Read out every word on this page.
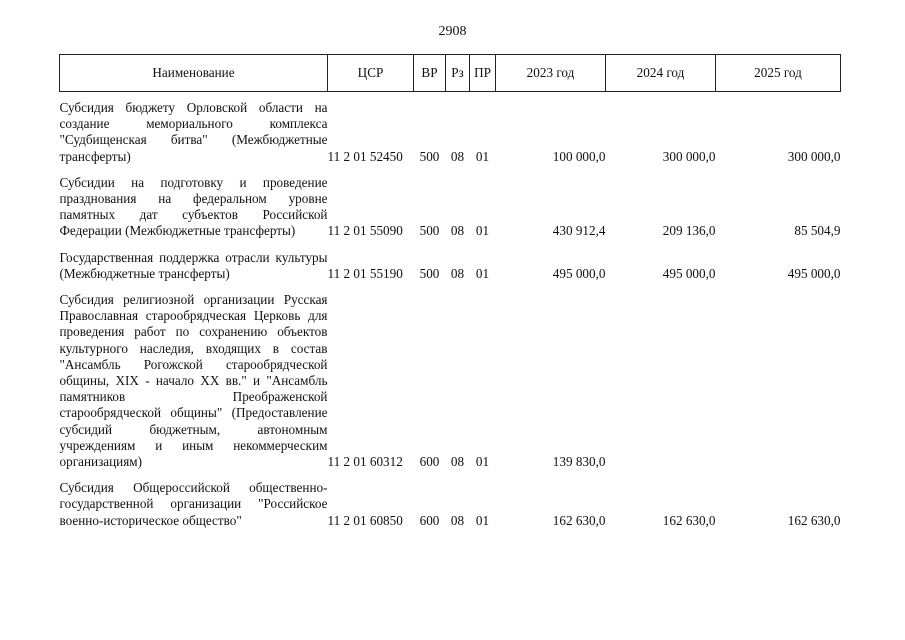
2908
Наименование	ЦСР	ВР	Рз	ПР	2023 год	2024 год	2025 год

Субсидия бюджету Орловской области на создание мемориального комплекса "Судбищенская битва" (Межбюджетные трансферты)	11 2 01 52450	500	08	01	100 000,0	300 000,0	300 000,0

Субсидии на подготовку и проведение празднования на федеральном уровне памятных дат субъектов Российской Федерации (Межбюджетные трансферты)	11 2 01 55090	500	08	01	430 912,4	209 136,0	85 504,9

Государственная поддержка отрасли культуры (Межбюджетные трансферты)	11 2 01 55190	500	08	01	495 000,0	495 000,0	495 000,0

Субсидия религиозной организации Русская Православная старообрядческая Церковь для проведения работ по сохранению объектов культурного наследия, входящих в состав "Ансамбль Рогожской старообрядческой общины, XIX - начало XX вв." и "Ансамбль памятников Преображенской старообрядческой общины" (Предоставление субсидий бюджетным, автономным учреждениям и иным некоммерческим организациям)	11 2 01 60312	600	08	01	139 830,0		

Субсидия Общероссийской общественно-государственной организации "Российское военно-историческое общество"	11 2 01 60850	600	08	01	162 630,0	162 630,0	162 630,0
